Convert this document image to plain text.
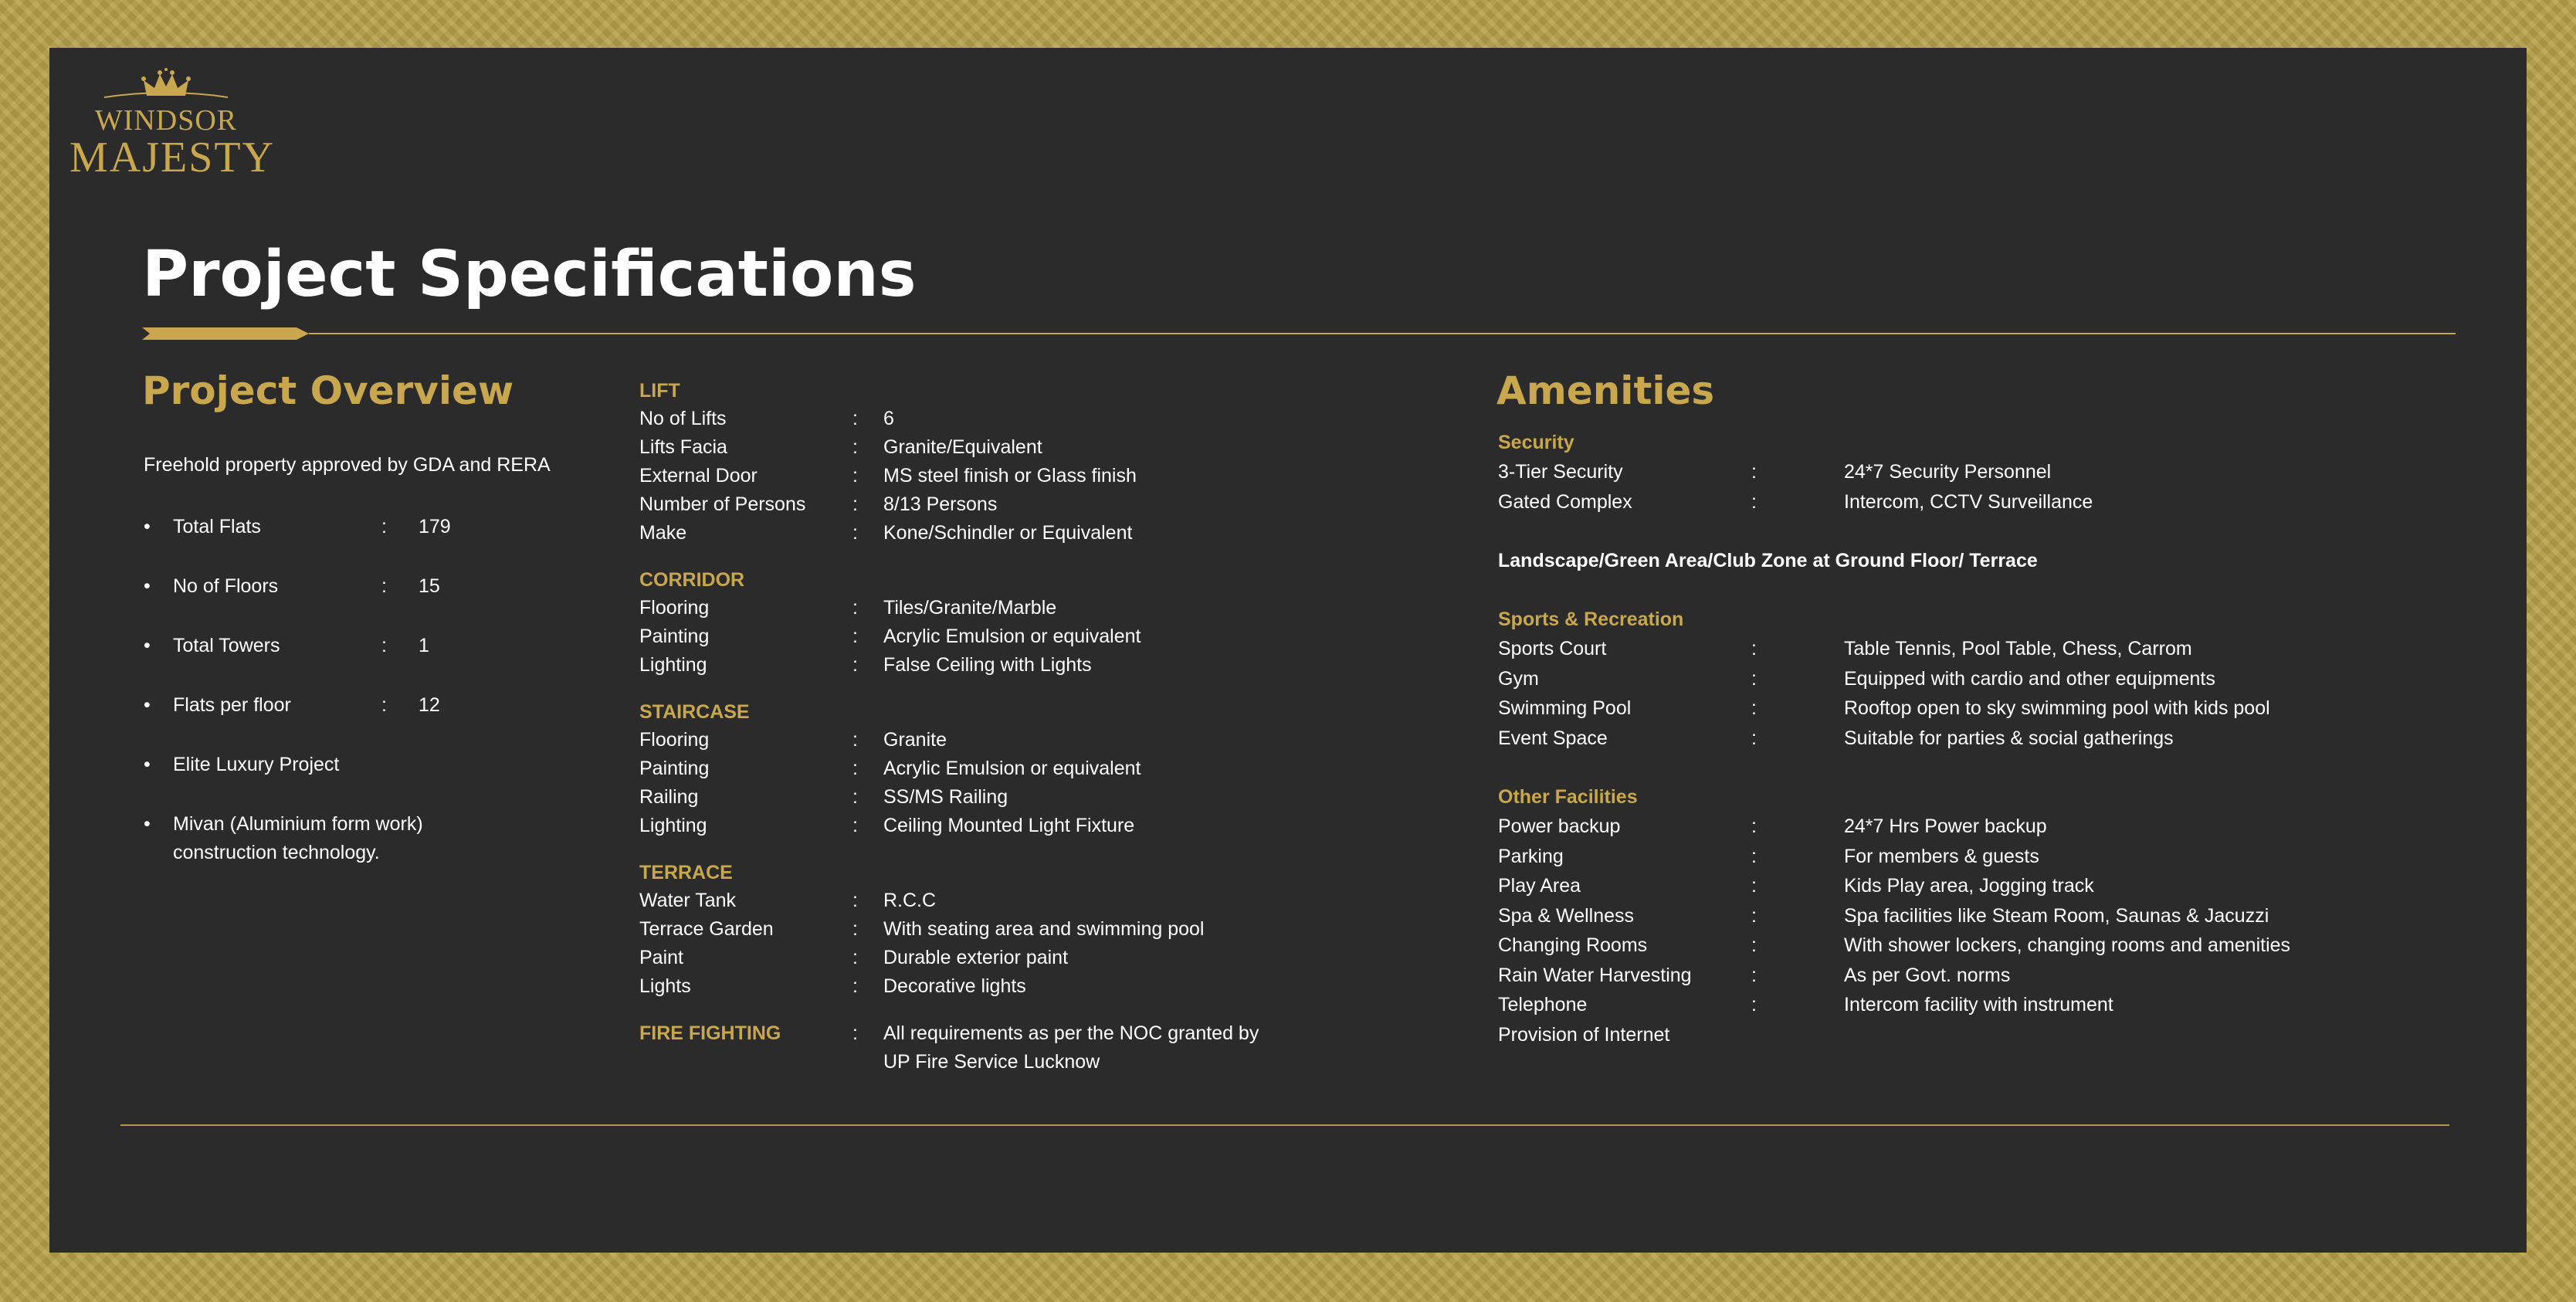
WINDSOR
MAJESTY
Project Specifications
Project Overview
Freehold property approved by GDA and RERA
• Total Flats	: 179
• No of Floors	: 15
• Total Towers	: 1
• Flats per floor	: 12
• Elite Luxury Project
• Mivan (Aluminium form work) construction technology.
LIFT
No of Lifts	: 6
Lifts Facia	: Granite/Equivalent
External Door	: MS steel finish or Glass finish
Number of Persons : 8/13 Persons
Make	: Kone/Schindler or Equivalent
CORRIDOR
Flooring	: Tiles/Granite/Marble
Painting	: Acrylic Emulsion or equivalent
Lighting	: False Ceiling with Lights
STAIRCASE
Flooring	: Granite
Painting	: Acrylic Emulsion or equivalent
Railing	: SS/MS Railing
Lighting	: Ceiling Mounted Light Fixture
TERRACE
Water Tank	: R.C.C
Terrace Garden	: With seating area and swimming pool
Paint	: Durable exterior paint
Lights	: Decorative lights
FIRE FIGHTING	: All requirements as per the NOC granted by
UP Fire Service Lucknow
Amenities
Security
3-Tier Security	:	24*7 Security Personnel
Gated Complex	:	Intercom, CCTV Surveillance
Landscape/Green Area/Club Zone at Ground Floor/ Terrace
Sports & Recreation
Sports Court	:	Table Tennis, Pool Table, Chess, Carrom
Gym	:	Equipped with cardio and other equipments
Swimming Pool	:	Rooftop open to sky swimming pool with kids pool
Event Space	:	Suitable for parties & social gatherings
Other Facilities
Power backup	:	24*7 Hrs Power backup
Parking	:	For members & guests
Play Area	:	Kids Play area, Jogging track
Spa & Wellness	:	Spa facilities like Steam Room, Saunas & Jacuzzi
Changing Rooms	:	With shower lockers, changing rooms and amenities
Rain Water Harvesting	:	As per Govt. norms
Telephone	:	Intercom facility with instrument
Provision of Internet
